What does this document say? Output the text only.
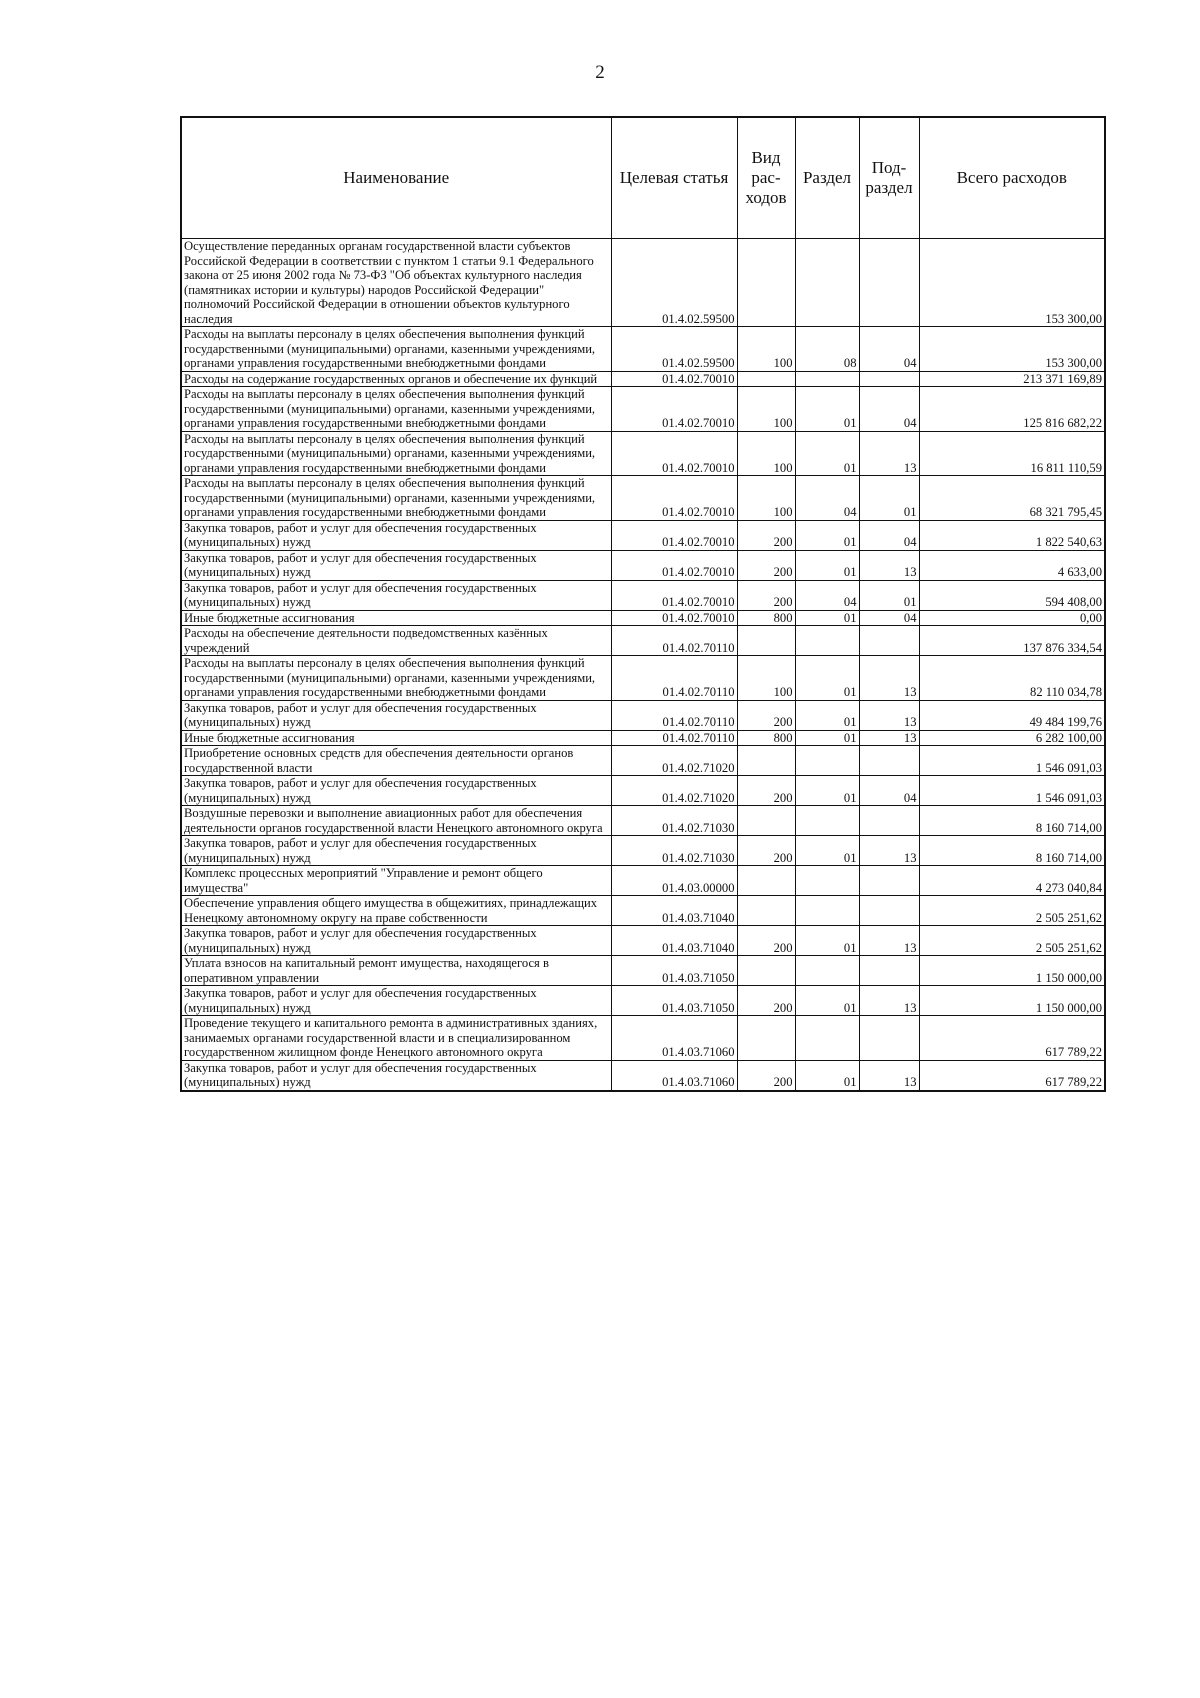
2
Наименование	Целевая статья	Вид рас-ходов	Раздел	Под-раздел	Всего расходов
Осуществление переданных органам государственной власти субъектов Российской Федерации в соответствии с пунктом 1 статьи 9.1 Федерального закона от 25 июня 2002 года № 73-ФЗ "Об объектах культурного наследия (памятниках истории и культуры) народов Российской Федерации" полномочий Российской Федерации в отношении объектов культурного наследия	01.4.02.59500				153 300,00
Расходы на выплаты персоналу в целях обеспечения выполнения функций государственными (муниципальными) органами, казенными учреждениями, органами управления государственными внебюджетными фондами	01.4.02.59500	100	08	04	153 300,00
Расходы на содержание государственных органов и обеспечение их функций	01.4.02.70010				213 371 169,89
Расходы на выплаты персоналу в целях обеспечения выполнения функций государственными (муниципальными) органами, казенными учреждениями, органами управления государственными внебюджетными фондами	01.4.02.70010	100	01	04	125 816 682,22
Расходы на выплаты персоналу в целях обеспечения выполнения функций государственными (муниципальными) органами, казенными учреждениями, органами управления государственными внебюджетными фондами	01.4.02.70010	100	01	13	16 811 110,59
Расходы на выплаты персоналу в целях обеспечения выполнения функций государственными (муниципальными) органами, казенными учреждениями, органами управления государственными внебюджетными фондами	01.4.02.70010	100	04	01	68 321 795,45
Закупка товаров, работ и услуг для обеспечения государственных (муниципальных) нужд	01.4.02.70010	200	01	04	1 822 540,63
Закупка товаров, работ и услуг для обеспечения государственных (муниципальных) нужд	01.4.02.70010	200	01	13	4 633,00
Закупка товаров, работ и услуг для обеспечения государственных (муниципальных) нужд	01.4.02.70010	200	04	01	594 408,00
Иные бюджетные ассигнования	01.4.02.70010	800	01	04	0,00
Расходы на обеспечение деятельности подведомственных казённых учреждений	01.4.02.70110				137 876 334,54
Расходы на выплаты персоналу в целях обеспечения выполнения функций государственными (муниципальными) органами, казенными учреждениями, органами управления государственными внебюджетными фондами	01.4.02.70110	100	01	13	82 110 034,78
Закупка товаров, работ и услуг для обеспечения государственных (муниципальных) нужд	01.4.02.70110	200	01	13	49 484 199,76
Иные бюджетные ассигнования	01.4.02.70110	800	01	13	6 282 100,00
Приобретение основных средств для обеспечения деятельности органов государственной власти	01.4.02.71020				1 546 091,03
Закупка товаров, работ и услуг для обеспечения государственных (муниципальных) нужд	01.4.02.71020	200	01	04	1 546 091,03
Воздушные перевозки и выполнение авиационных работ для обеспечения деятельности органов государственной власти Ненецкого автономного округа	01.4.02.71030				8 160 714,00
Закупка товаров, работ и услуг для обеспечения государственных (муниципальных) нужд	01.4.02.71030	200	01	13	8 160 714,00
Комплекс процессных мероприятий "Управление и ремонт общего имущества"	01.4.03.00000				4 273 040,84
Обеспечение управления общего имущества в общежитиях, принадлежащих Ненецкому автономному округу на праве собственности	01.4.03.71040				2 505 251,62
Закупка товаров, работ и услуг для обеспечения государственных (муниципальных) нужд	01.4.03.71040	200	01	13	2 505 251,62
Уплата взносов на капитальный ремонт имущества, находящегося в оперативном управлении	01.4.03.71050				1 150 000,00
Закупка товаров, работ и услуг для обеспечения государственных (муниципальных) нужд	01.4.03.71050	200	01	13	1 150 000,00
Проведение текущего и капитального ремонта в административных зданиях, занимаемых органами государственной власти и в специализированном государственном жилищном фонде Ненецкого автономного округа	01.4.03.71060				617 789,22
Закупка товаров, работ и услуг для обеспечения государственных (муниципальных) нужд	01.4.03.71060	200	01	13	617 789,22
